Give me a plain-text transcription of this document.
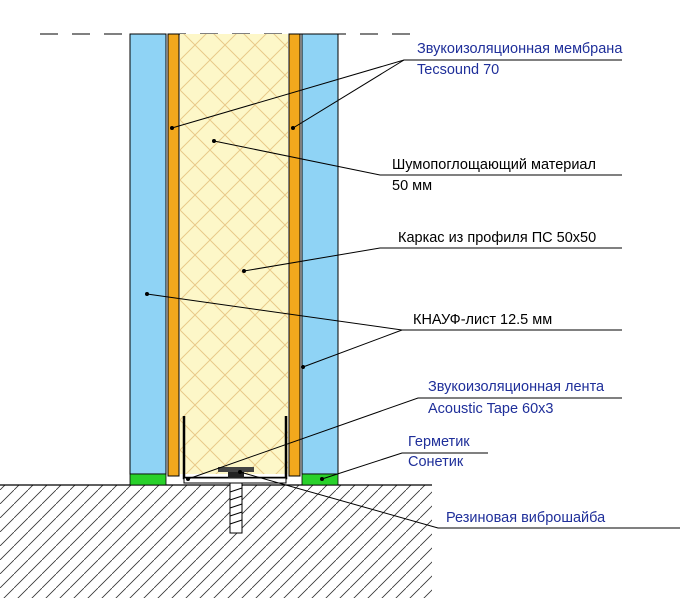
Звукоизоляционная мембрана
Tecsound 70
Шумопоглощающий материал
50 мм
Каркас из профиля ПС 50х50
КНАУФ-лист 12.5 мм
Звукоизоляционная лента
Acoustic Tape 60х3
Герметик
Сонетик
Резиновая виброшайба
